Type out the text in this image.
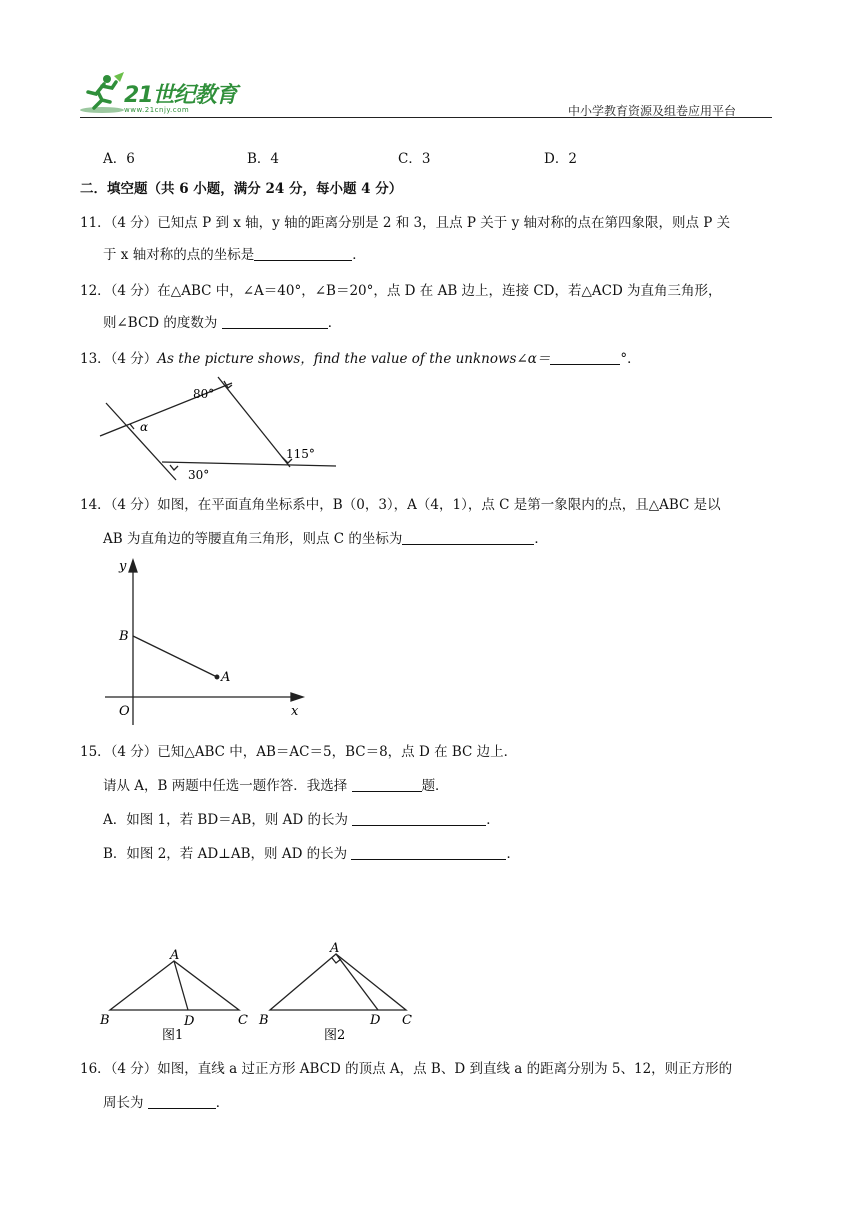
21世纪教育
www.21cnjy.com	中小学教育资源及组卷应用平台
A．6	B．4	C．3	D．2
二．填空题（共 6 小题，满分 24 分，每小题 4 分）
11．（4 分）已知点 P 到 x 轴，y 轴的距离分别是 2 和 3，且点 P 关于 y 轴对称的点在第四象限，则点 P 关
于 x 轴对称的点的坐标是	．
12．（4 分）在△ABC 中，∠A＝40°，∠B＝20°，点 D 在 AB 边上，连接 CD，若△ACD 为直角三角形，
则∠BCD 的度数为	．
13．（4 分）As the picture shows，find the value of the unknows∠α＝	°．
80°
α
30°
115°
14．（4 分）如图，在平面直角坐标系中，B（0，3），A（4，1），点 C 是第一象限内的点，且△ABC 是以
AB 为直角边的等腰直角三角形，则点 C 的坐标为	．
y
x
O
B
A
15．（4 分）已知△ABC 中，AB＝AC＝5，BC＝8，点 D 在 BC 边上．
请从 A，B 两题中任选一题作答．我选择	题．
A．如图 1，若 BD＝AB，则 AD 的长为	．
B．如图 2，若 AD⊥AB，则 AD 的长为	．
A
B	C
D
图1
A
B	C
D
图2
16．（4 分）如图，直线 a 过正方形 ABCD 的顶点 A，点 B、D 到直线 a 的距离分别为 5、12，则正方形的
周长为	．
